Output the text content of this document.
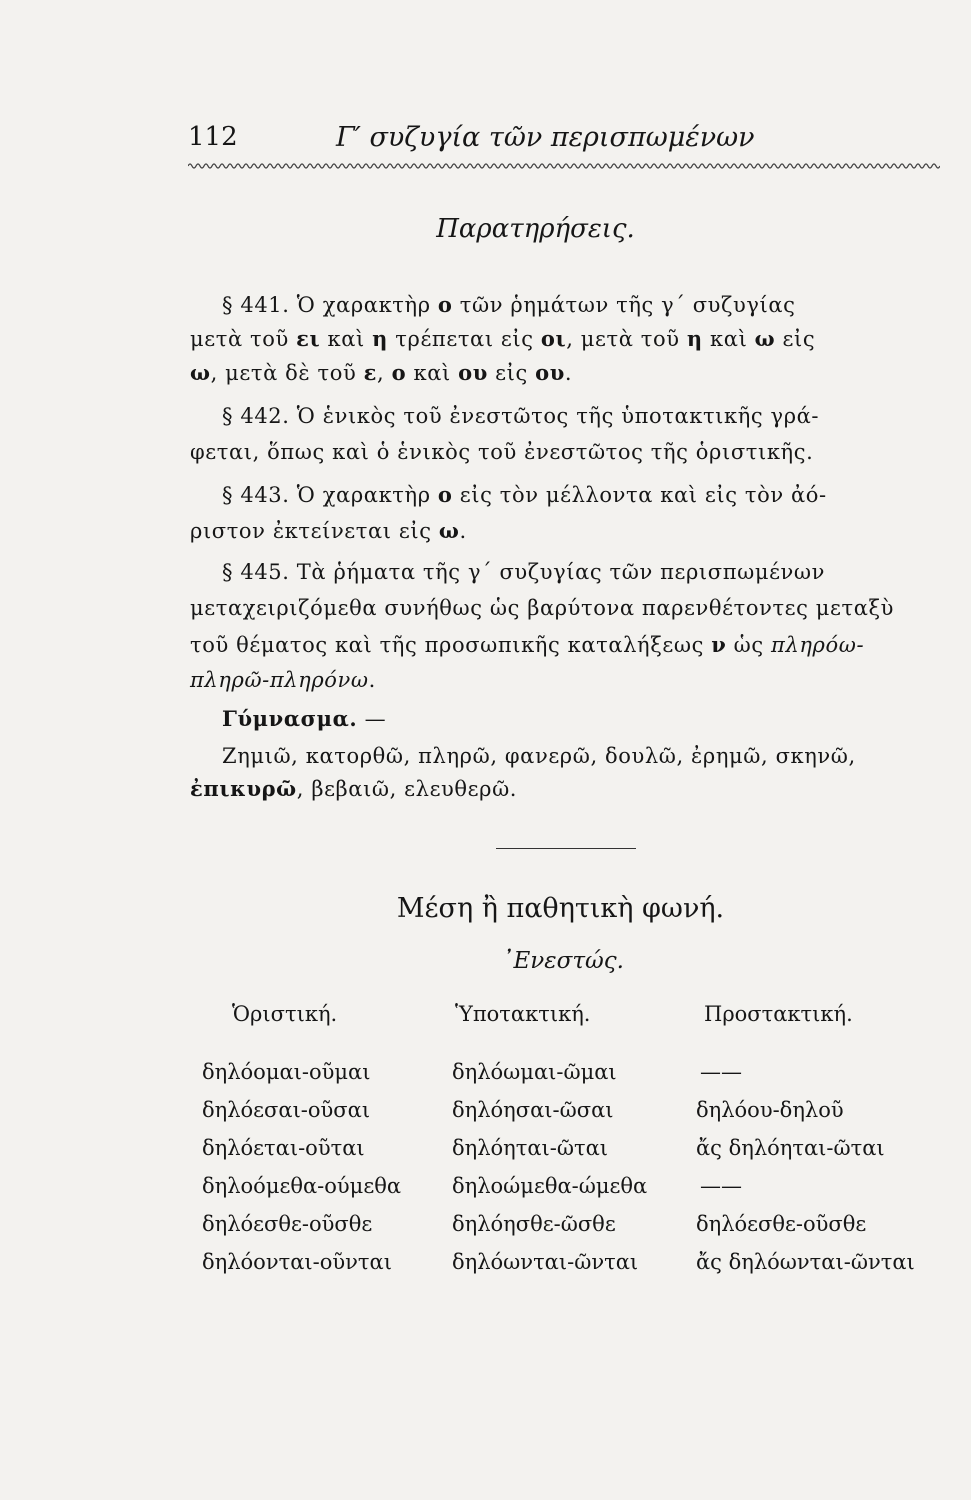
112	Γ′ συζυγία τῶν περισπωμένων
Παρατηρήσεις.
§ 441. Ὁ χαρακτὴρ ο τῶν ῥημάτων τῆς γ΄ συζυγίας
μετὰ τοῦ ει καὶ η τρέπεται εἰς οι, μετὰ τοῦ η καὶ ω εἰς
ω, μετὰ δὲ τοῦ ε, ο καὶ ου εἰς ου.
§ 442. Ὁ ἑνικὸς τοῦ ἐνεστῶτος τῆς ὑποτακτικῆς γρά-
φεται, ὅπως καὶ ὁ ἑνικὸς τοῦ ἐνεστῶτος τῆς ὁριστικῆς.
§ 443. Ὁ χαρακτὴρ ο εἰς τὸν μέλλοντα καὶ εἰς τὸν ἀό-
ριστον ἐκτείνεται εἰς ω.
§ 445. Τὰ ῥήματα τῆς γ΄ συζυγίας τῶν περισπωμένων
μεταχειριζόμεθα συνήθως ὡς βαρύτονα παρενθέτοντες μεταξὺ
τοῦ θέματος καὶ τῆς προσωπικῆς καταλήξεως ν ὡς πληρόω-
πληρῶ-πληρόνω.
Γύμνασμα. —
Ζημιῶ, κατορθῶ, πληρῶ, φανερῶ, δουλῶ, ἐρημῶ, σκηνῶ,
ἐπικυρῶ, βεβαιῶ, ελευθερῶ.
Μέση ἢ παθητικὴ φωνή.
᾿Ενεστώς.
Ὁριστική.	Ὑποτακτική.	Προστακτική.
δηλόομαι-οῦμαι	δηλόωμαι-ῶμαι	——
δηλόεσαι-οῦσαι	δηλόησαι-ῶσαι	δηλόου-δηλοῦ
δηλόεται-οῦται	δηλόηται-ῶται	ἄς δηλόηται-ῶται
δηλοόμεθα-ούμεθα δηλοώμεθα-ώμεθα	——
δηλόεσθε-οῦσθε	δηλόησθε-ῶσθε	δηλόεσθε-οῦσθε
δηλόονται-οῦνται	δηλόωνται-ῶνται	ἄς δηλόωνται-ῶνται
